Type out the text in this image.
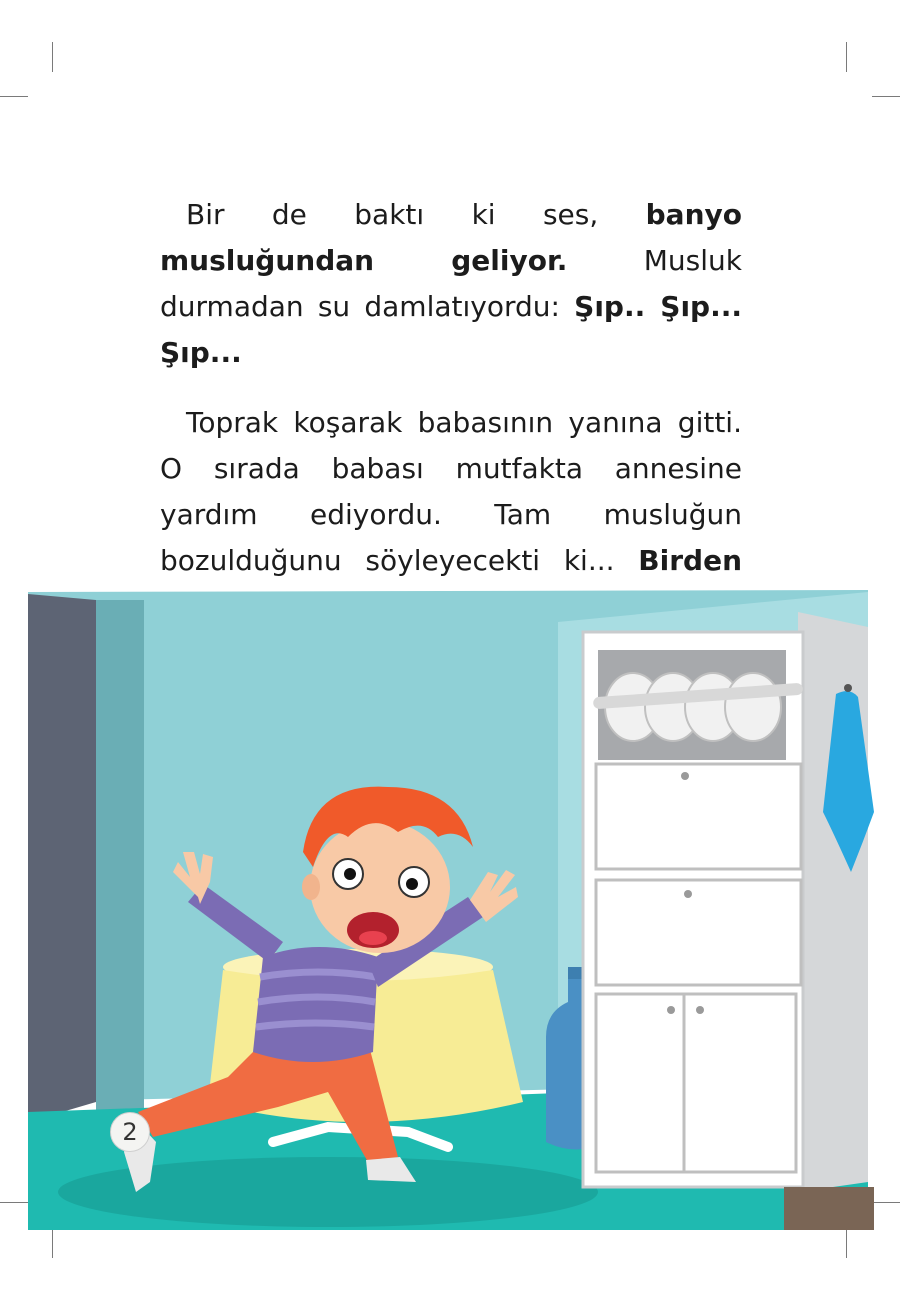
Bir de baktı ki ses, banyo musluğundan geliyor. Musluk durmadan su damlatıyordu: Şıp.. Şıp... Şıp...

Toprak koşarak babasının yanına gitti. O sırada babası mutfakta annesine yardım ediyordu. Tam musluğun bozulduğunu söyleyecekti ki... Birden

2
